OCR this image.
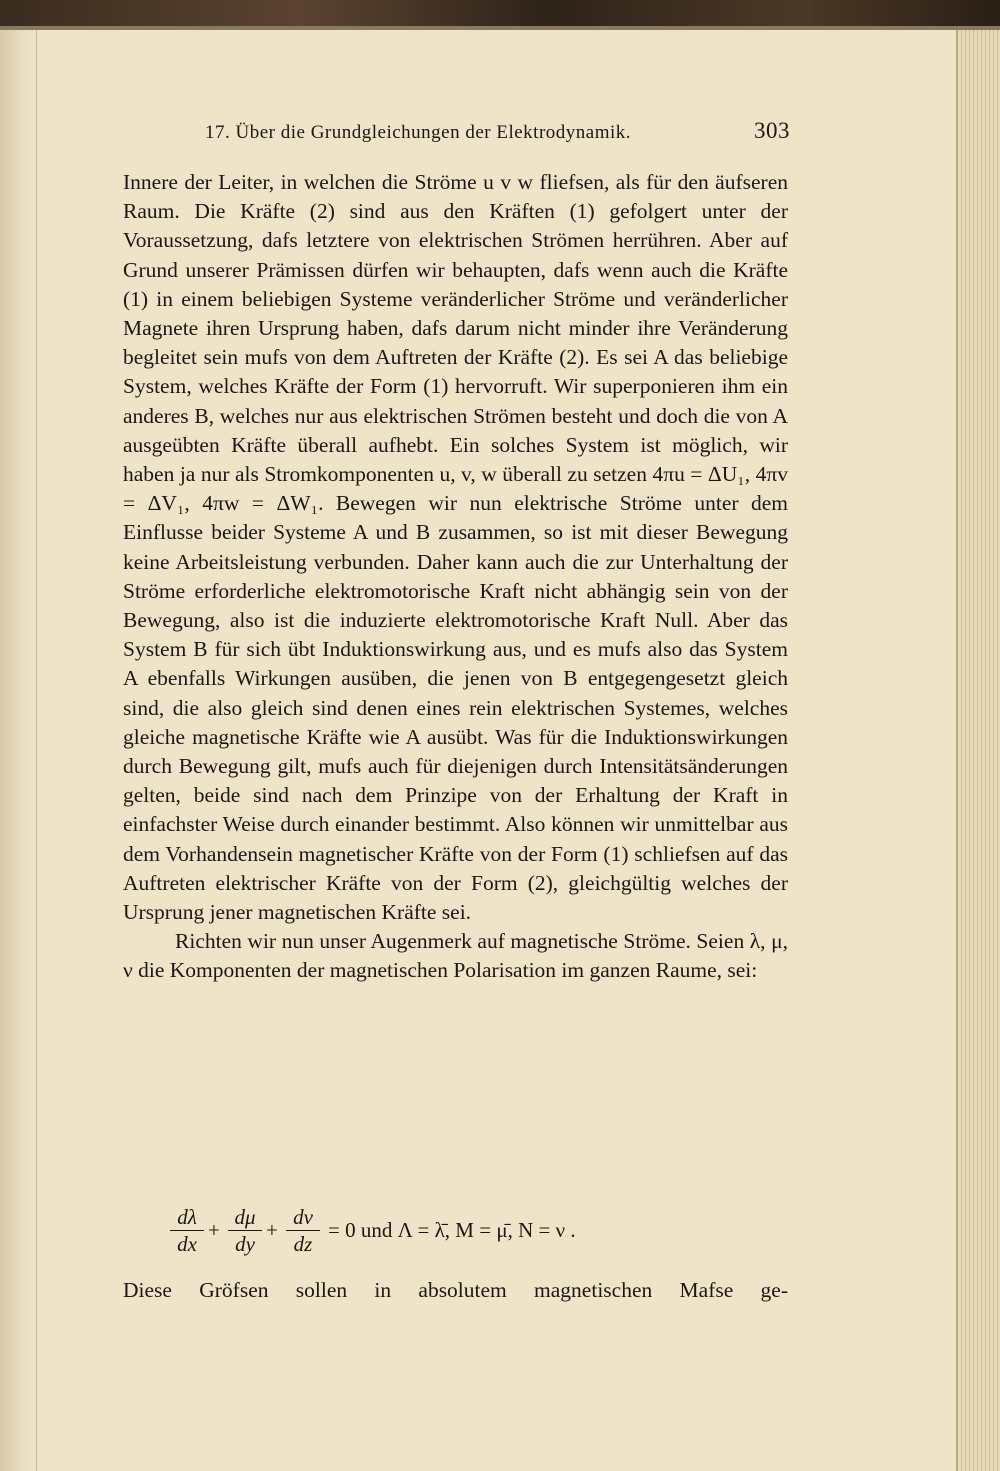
17. Über die Grundgleichungen der Elektrodynamik.	303

Innere der Leiter, in welchen die Ströme u v w fliefsen, als für den äufseren Raum. Die Kräfte (2) sind aus den Kräften (1) gefolgert unter der Voraussetzung, dafs letztere von elektrischen Strömen herrühren. Aber auf Grund unserer Prämissen dürfen wir behaupten, dafs wenn auch die Kräfte (1) in einem beliebigen Systeme veränderlicher Ströme und veränderlicher Magnete ihren Ursprung haben, dafs darum nicht minder ihre Veränderung begleitet sein mufs von dem Auftreten der Kräfte (2). Es sei A das beliebige System, welches Kräfte der Form (1) hervorruft. Wir superponieren ihm ein anderes B, welches nur aus elektrischen Strömen besteht und doch die von A ausgeübten Kräfte überall aufhebt. Ein solches System ist möglich, wir haben ja nur als Stromkomponenten u, v, w überall zu setzen 4πu = ΔU₁, 4πv = ΔV₁, 4πw = ΔW₁. Bewegen wir nun elektrische Ströme unter dem Einflusse beider Systeme A und B zusammen, so ist mit dieser Bewegung keine Arbeitsleistung verbunden. Daher kann auch die zur Unterhaltung der Ströme erforderliche elektromotorische Kraft nicht abhängig sein von der Bewegung, also ist die induzierte elektromotorische Kraft Null. Aber das System B für sich übt Induktionswirkung aus, und es mufs also das System A ebenfalls Wirkungen ausüben, die jenen von B entgegengesetzt gleich sind, die also gleich sind denen eines rein elektrischen Systemes, welches gleiche magnetische Kräfte wie A ausübt. Was für die Induktionswirkungen durch Bewegung gilt, mufs auch für diejenigen durch Intensitätsänderungen gelten, beide sind nach dem Prinzipe von der Erhaltung der Kraft in einfachster Weise durch einander bestimmt. Also können wir unmittelbar aus dem Vorhandensein magnetischer Kräfte von der Form (1) schliefsen auf das Auftreten elektrischer Kräfte von der Form (2), gleichgültig welches der Ursprung jener magnetischen Kräfte sei.

Richten wir nun unser Augenmerk auf magnetische Ströme. Seien λ, μ, ν die Komponenten der magnetischen Polarisation im ganzen Raume, sei:

$\frac{d\lambda}{dx} + \frac{d\mu}{dy} + \frac{d\nu}{dz} = 0$ und Λ = λ̄, M = μ̄, N = ν .
Diese Gröfsen sollen in absolutem magnetischen Mafse ge-
